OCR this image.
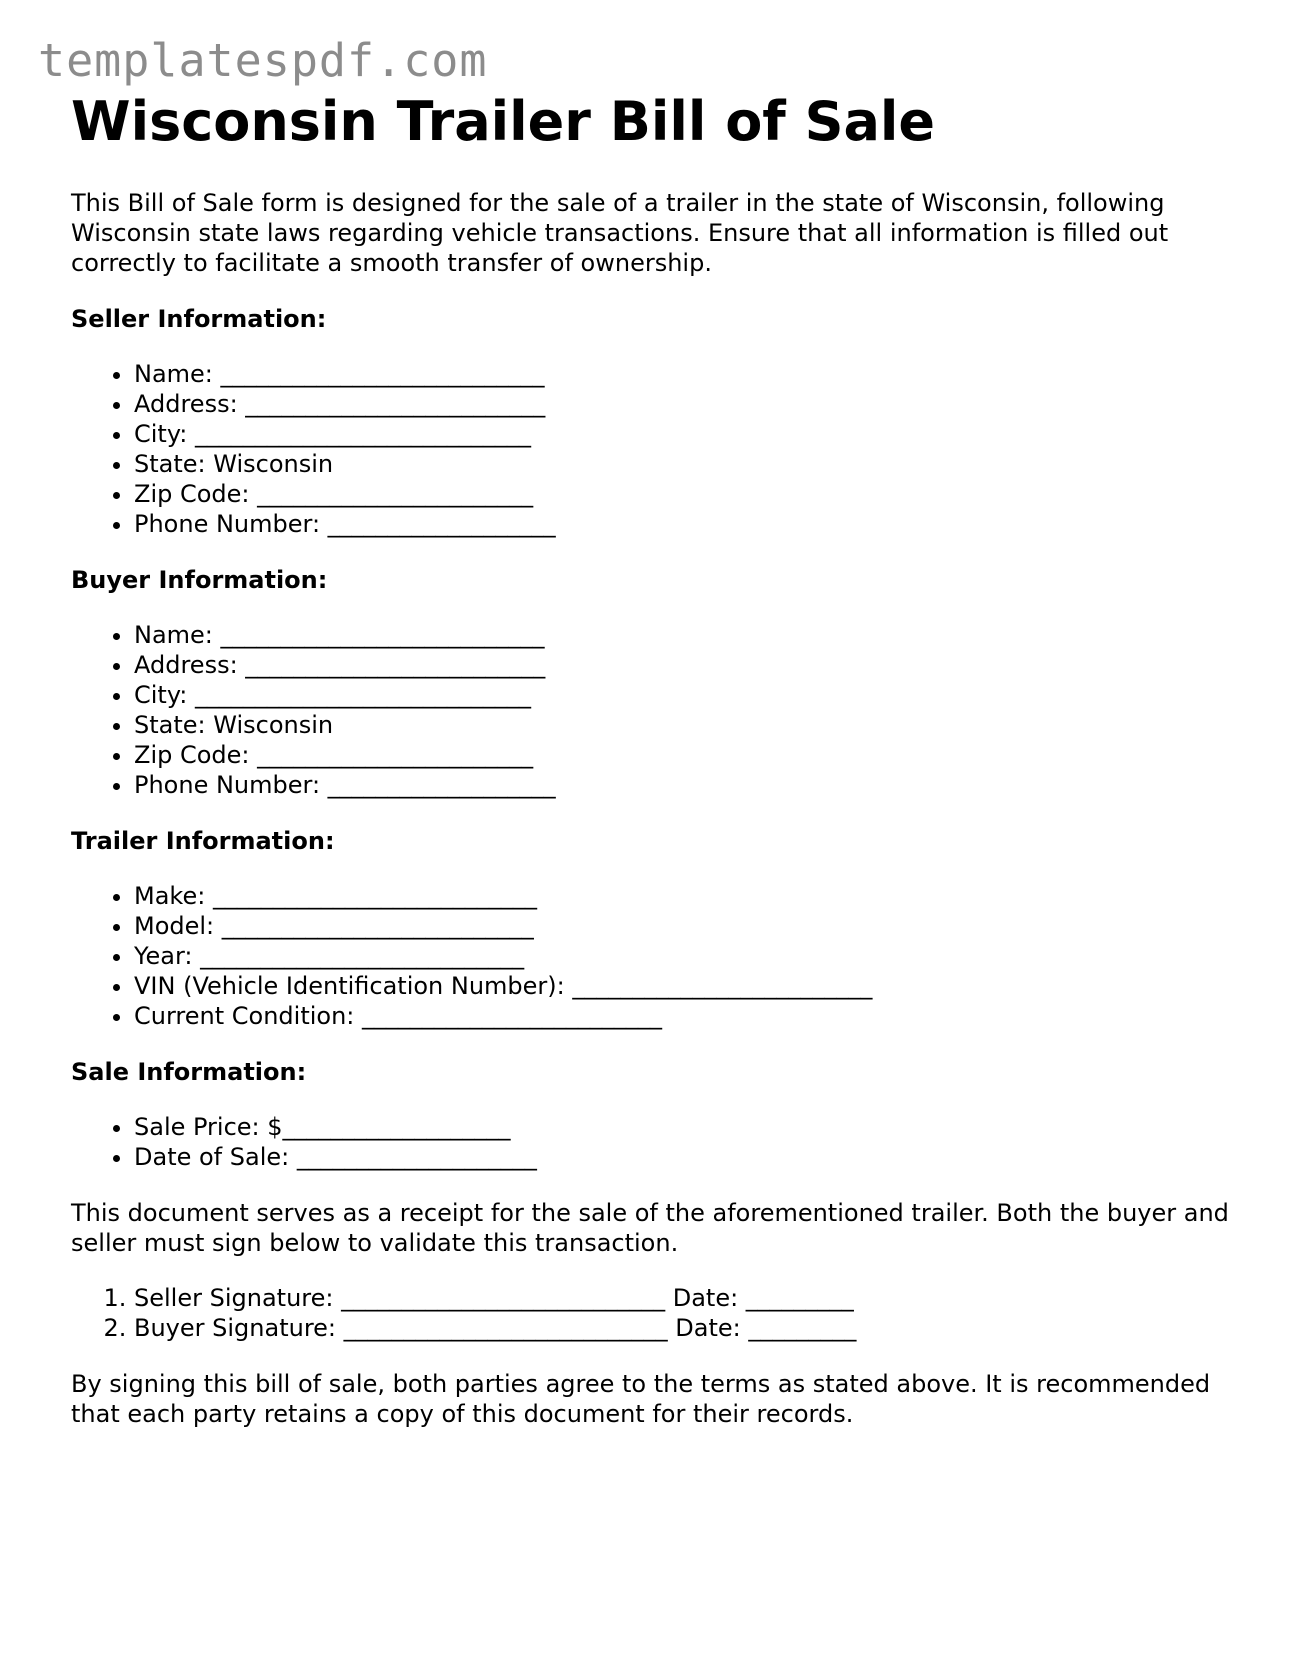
templatespdf.com
Wisconsin Trailer Bill of Sale

This Bill of Sale form is designed for the sale of a trailer in the state of Wisconsin, following Wisconsin state laws regarding vehicle transactions. Ensure that all information is filled out correctly to facilitate a smooth transfer of ownership.

Seller Information:
• Name: ___________________________
• Address: _________________________
• City: ____________________________
• State: Wisconsin
• Zip Code: _______________________
• Phone Number: ___________________
Buyer Information:
• Name: ___________________________
• Address: _________________________
• City: ____________________________
• State: Wisconsin
• Zip Code: _______________________
• Phone Number: ___________________
Trailer Information:
• Make: ___________________________
• Model: __________________________
• Year: ___________________________
• VIN (Vehicle Identification Number): _________________________
• Current Condition: _________________________
Sale Information:
• Sale Price: $___________________
• Date of Sale: ____________________

This document serves as a receipt for the sale of the aforementioned trailer. Both the buyer and seller must sign below to validate this transaction.

1. Seller Signature: ___________________________ Date: _________
2. Buyer Signature: ___________________________ Date: _________

By signing this bill of sale, both parties agree to the terms as stated above. It is recommended that each party retains a copy of this document for their records.
